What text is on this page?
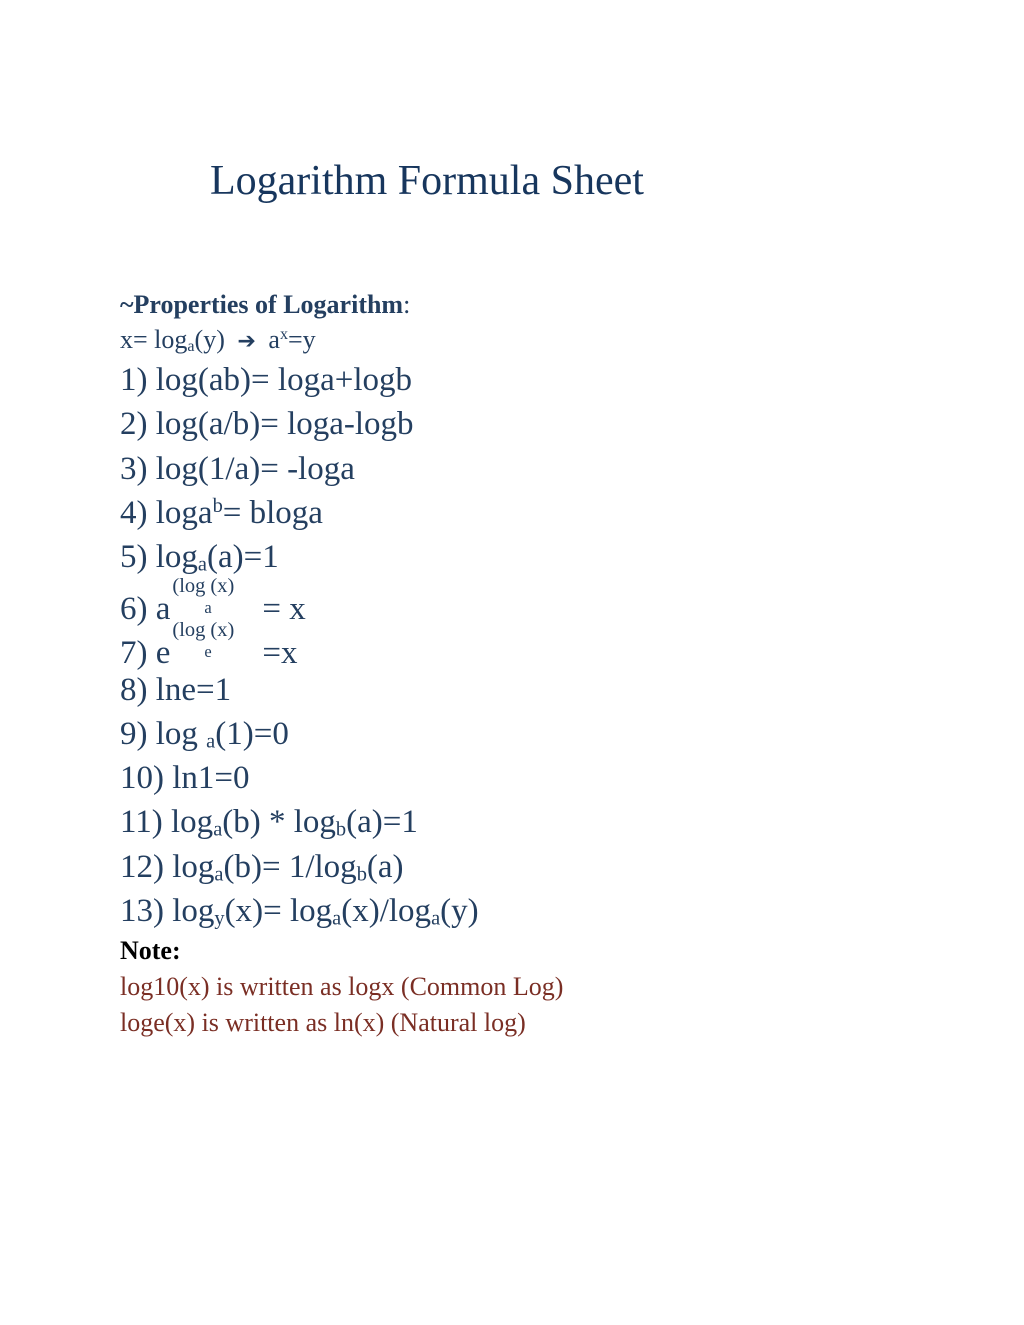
Logarithm Formula Sheet
~Properties of Logarithm:
x= loga(y) ➔ $a^x=y$
1) log(ab)= loga+logb
2) log(a/b)= loga-logb
3) log(1/a)= -loga
4) loga$^b$= bloga
5) loga(a)=1
6) a
(log (x)
a = x
7) e
(log (x)
e =x
8) lne=1
9) log a(1)=0
10) ln1=0
11) loga(b) * logb(a)=1
12) loga(b)= 1/logb(a)
13) logy(x)= loga(x)/loga(y)
Note:
log10(x) is written as logx (Common Log)
loge(x) is written as ln(x) (Natural log)
